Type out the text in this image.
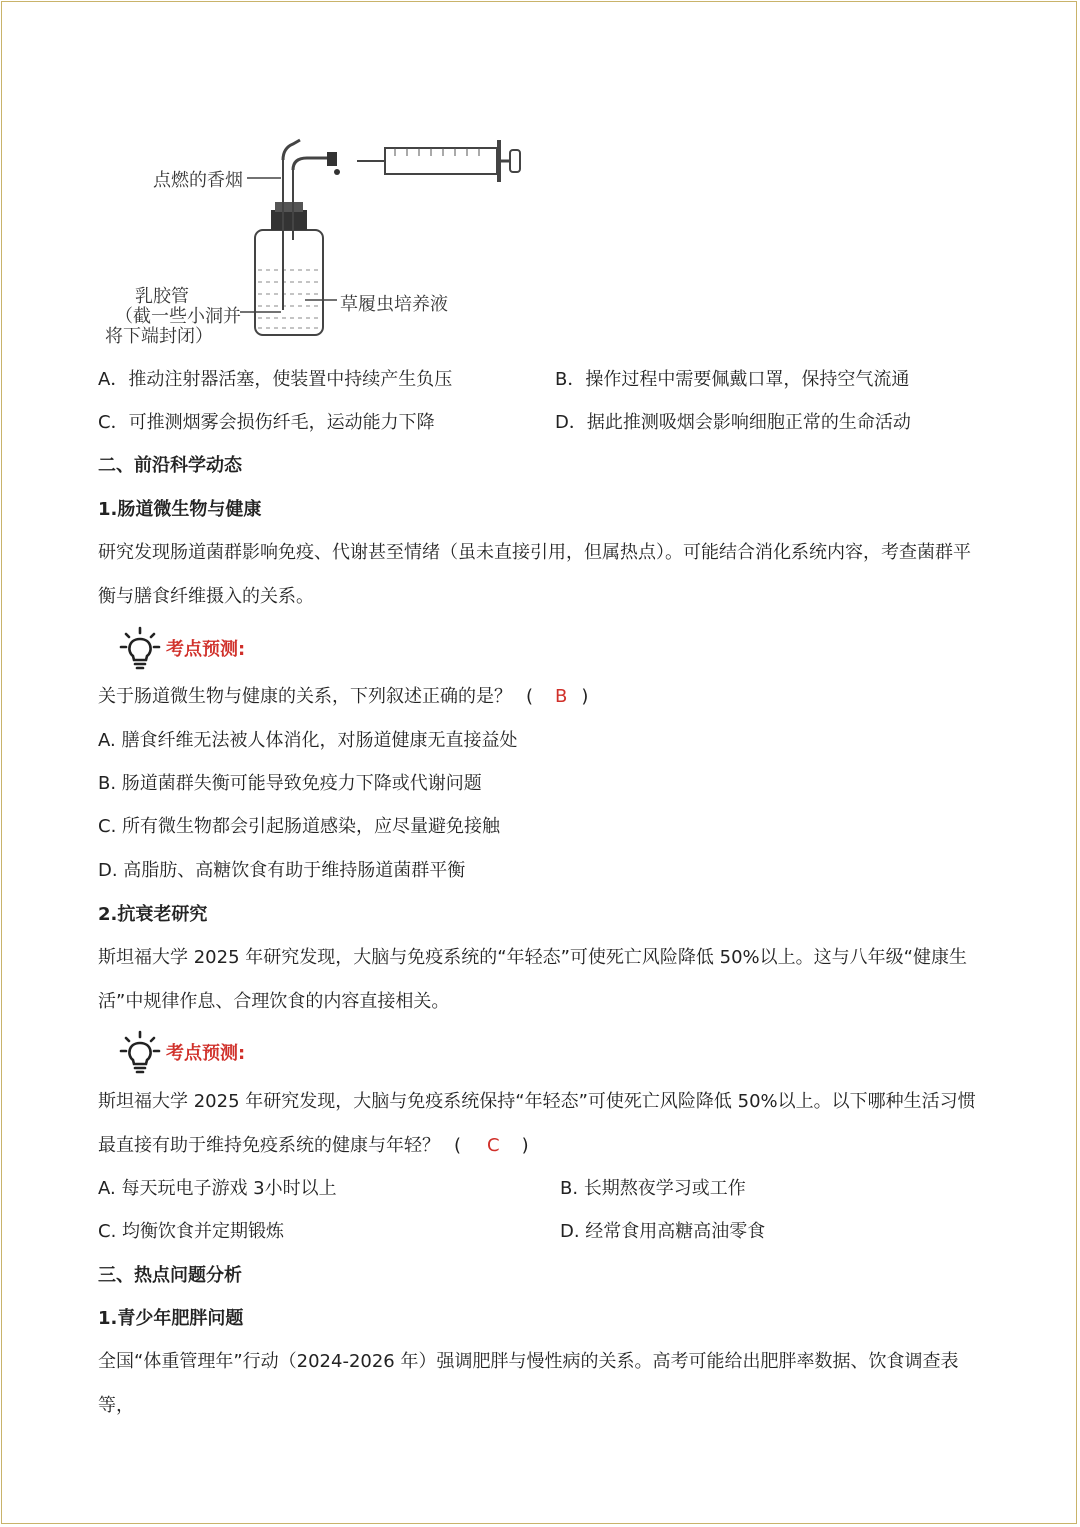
点燃的香烟
草履虫培养液
乳胶管
（截一些小洞并
将下端封闭）
A．推动注射器活塞，使装置中持续产生负压	B．操作过程中需要佩戴口罩，保持空气流通
C．可推测烟雾会损伤纤毛，运动能力下降	D．据此推测吸烟会影响细胞正常的生命活动
二、前沿科学动态
1.肠道微生物与健康
研究发现肠道菌群影响免疫、代谢甚至情绪（虽未直接引用，但属热点）。可能结合消化系统内容，考查菌群平衡与膳食纤维摄入的关系。
考点预测:
关于肠道微生物与健康的关系，下列叙述正确的是？ ( B )
A. 膳食纤维无法被人体消化，对肠道健康无直接益处
B. 肠道菌群失衡可能导致免疫力下降或代谢问题
C. 所有微生物都会引起肠道感染，应尽量避免接触
D. 高脂肪、高糖饮食有助于维持肠道菌群平衡
2.抗衰老研究
斯坦福大学 2025 年研究发现，大脑与免疫系统的“年轻态”可使死亡风险降低 50%以上。这与八年级“健康生活”中规律作息、合理饮食的内容直接相关。
考点预测:
斯坦福大学 2025 年研究发现，大脑与免疫系统保持“年轻态”可使死亡风险降低 50%以上。以下哪种生活习惯最直接有助于维持免疫系统的健康与年轻？ ( C )
A. 每天玩电子游戏 3小时以上	B. 长期熬夜学习或工作
C. 均衡饮食并定期锻炼	D. 经常食用高糖高油零食
三、热点问题分析
1.青少年肥胖问题
全国“体重管理年”行动（2024-2026 年）强调肥胖与慢性病的关系。高考可能给出肥胖率数据、饮食调查表等，
